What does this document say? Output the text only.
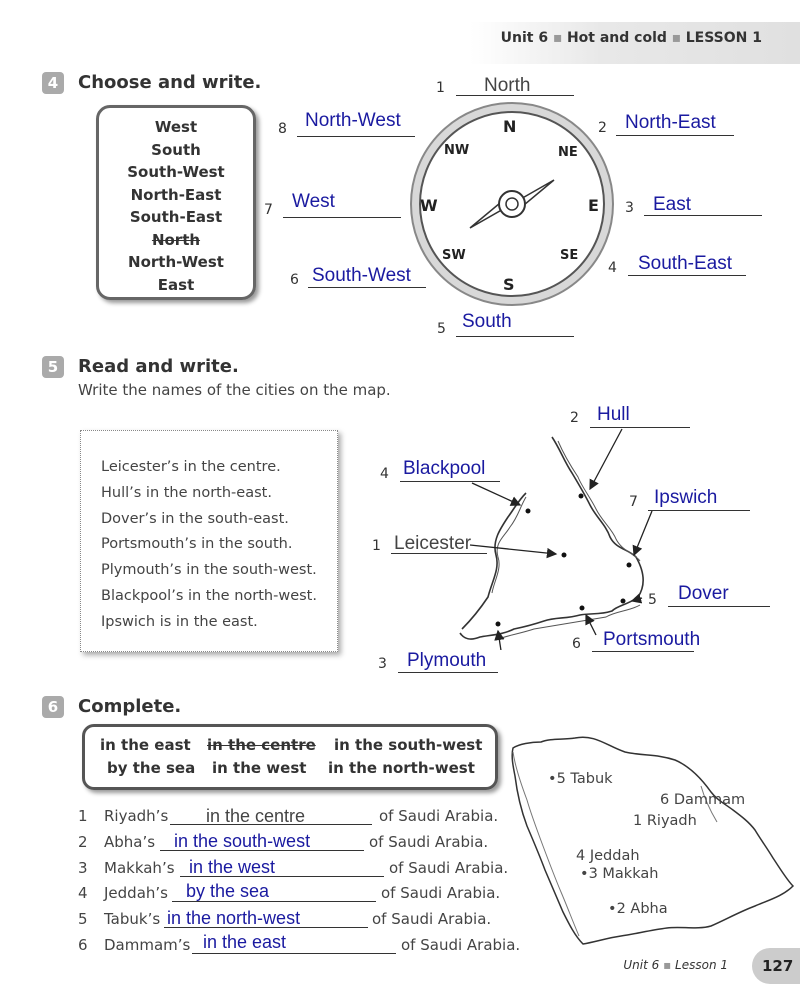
Unit 6 ▪ Hot and cold ▪ LESSON 1
4	Choose and write.
West
South
South-West
North-East
South-East
North
North-West
East
N
S
E
W
NW	NE
SW	SE
1 North
2 North-East
3 East
4 South-East
5 South
6 South-West
7 West
8 North-West
5	Read and write.
Write the names of the cities on the map.
Leicester’s in the centre.
Hull’s in the north-east.
Dover’s in the south-east.
Portsmouth’s in the south.
Plymouth’s in the south-west.
Blackpool’s in the north-west.
Ipswich is in the east.
1 Leicester
2 Hull
3 Plymouth
4 Blackpool
5 Dover
6 Portsmouth
7 Ipswich
6	Complete.
in the east in the centre in the south-west
by the sea in the west in the north-west
1 Riyadh’s in the centre	of Saudi Arabia.
2 Abha’s in the south-west	of Saudi Arabia.
3 Makkah’s in the west	of Saudi Arabia.
4 Jeddah’s by the sea	of Saudi Arabia.
5 Tabuk’s in the north-west	of Saudi Arabia.
6 Dammam’s in the east	of Saudi Arabia.
•5 Tabuk
6 Dammam
1 Riyadh
4 Jeddah
•3 Makkah
•2 Abha
Unit 6 ▪ Lesson 1	127
